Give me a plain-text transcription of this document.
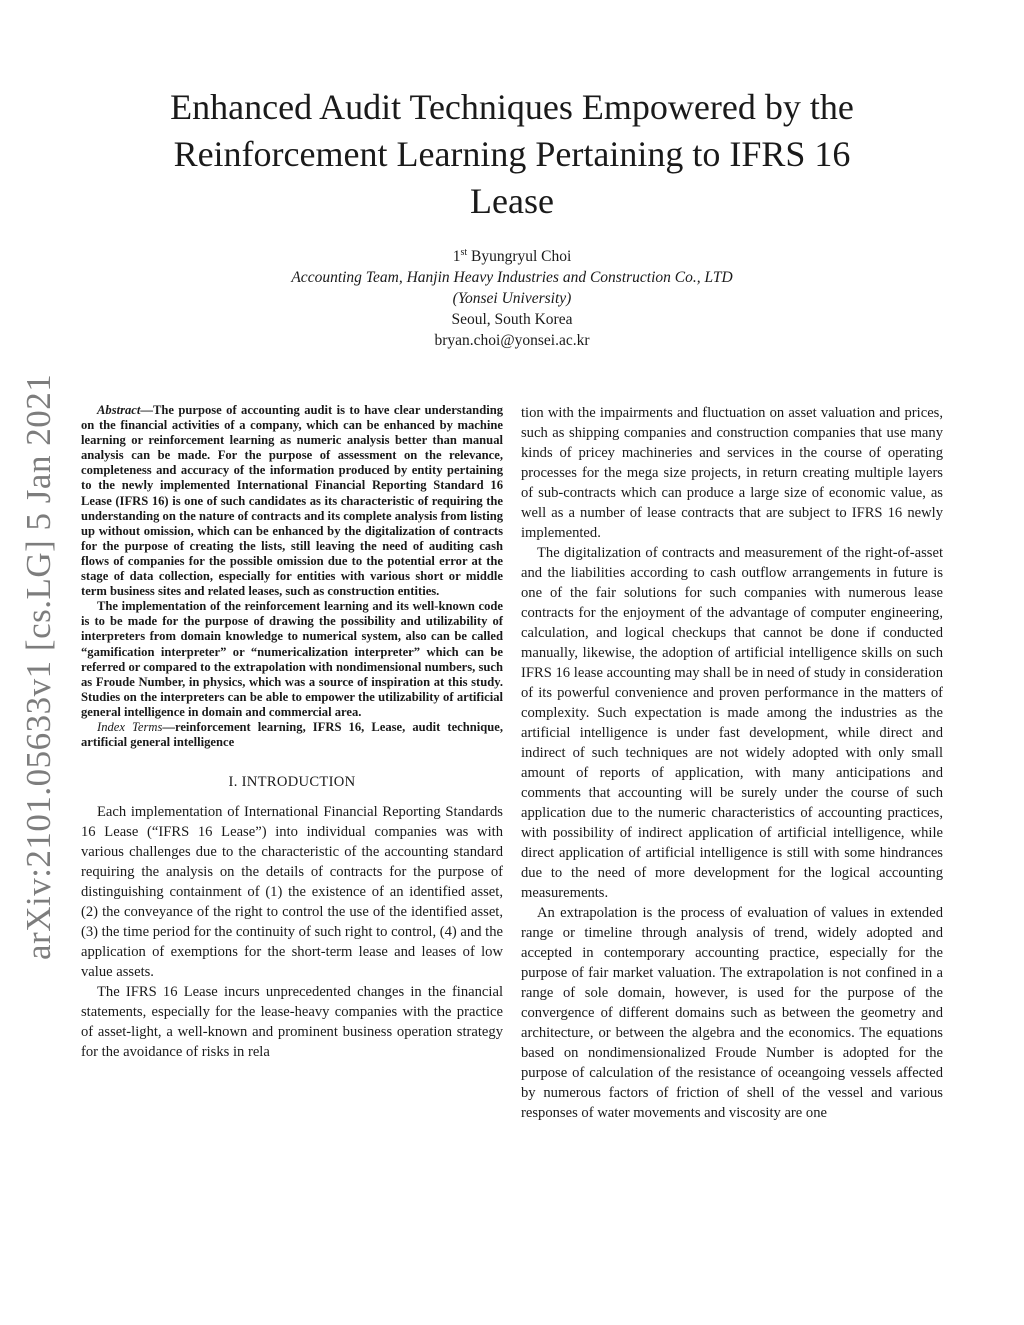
arXiv:2101.05633v1 [cs.LG] 5 Jan 2021
Enhanced Audit Techniques Empowered by the
Reinforcement Learning Pertaining to IFRS 16
Lease
1st Byungryul Choi
Accounting Team, Hanjin Heavy Industries and Construction Co., LTD
(Yonsei University)
Seoul, South Korea
bryan.choi@yonsei.ac.kr

Abstract—The purpose of accounting audit is to have clear understanding on the financial activities of a company, which can be enhanced by machine learning or reinforcement learning as numeric analysis better than manual analysis can be made. For the purpose of assessment on the relevance, completeness and accuracy of the information produced by entity pertaining to the newly implemented International Financial Reporting Standard 16 Lease (IFRS 16) is one of such candidates as its characteristic of requiring the understanding on the nature of contracts and its complete analysis from listing up without omission, which can be enhanced by the digitalization of contracts for the purpose of creating the lists, still leaving the need of auditing cash flows of companies for the possible omission due to the potential error at the stage of data collection, especially for entities with various short or middle term business sites and related leases, such as construction entities.

The implementation of the reinforcement learning and its well-known code is to be made for the purpose of drawing the possibility and utilizability of interpreters from domain knowledge to numerical system, also can be called “gamification interpreter” or “numericalization interpreter” which can be referred or compared to the extrapolation with nondimensional numbers, such as Froude Number, in physics, which was a source of inspiration at this study. Studies on the interpreters can be able to empower the utilizability of artificial general intelligence in domain and commercial area.

Index Terms—reinforcement learning, IFRS 16, Lease, audit technique, artificial general intelligence

I. INTRODUCTION

Each implementation of International Financial Reporting Standards 16 Lease (“IFRS 16 Lease”) into individual companies was with various challenges due to the characteristic of the accounting standard requiring the analysis on the details of contracts for the purpose of distinguishing containment of (1) the existence of an identified asset, (2) the conveyance of the right to control the use of the identified asset, (3) the time period for the continuity of such right to control, (4) and the application of exemptions for the short-term lease and leases of low value assets.

The IFRS 16 Lease incurs unprecedented changes in the financial statements, especially for the lease-heavy companies with the practice of asset-light, a well-known and prominent business operation strategy for the avoidance of risks in rela

tion with the impairments and fluctuation on asset valuation and prices, such as shipping companies and construction companies that use many kinds of pricey machineries and services in the course of operating processes for the mega size projects, in return creating multiple layers of sub-contracts which can produce a large size of economic value, as well as a number of lease contracts that are subject to IFRS 16 newly implemented.

The digitalization of contracts and measurement of the right-of-asset and the liabilities according to cash outflow arrangements in future is one of the fair solutions for such companies with numerous lease contracts for the enjoyment of the advantage of computer engineering, calculation, and logical checkups that cannot be done if conducted manually, likewise, the adoption of artificial intelligence skills on such IFRS 16 lease accounting may shall be in need of study in consideration of its powerful convenience and proven performance in the matters of complexity. Such expectation is made among the industries as the artificial intelligence is under fast development, while direct and indirect of such techniques are not widely adopted with only small amount of reports of application, with many anticipations and comments that accounting will be surely under the course of such application due to the numeric characteristics of accounting practices, with possibility of indirect application of artificial intelligence, while direct application of artificial intelligence is still with some hindrances due to the need of more development for the logical accounting measurements.

An extrapolation is the process of evaluation of values in extended range or timeline through analysis of trend, widely adopted and accepted in contemporary accounting practice, especially for the purpose of fair market valuation. The extrapolation is not confined in a range of sole domain, however, is used for the purpose of the convergence of different domains such as between the geometry and architecture, or between the algebra and the economics. The equations based on nondimensionalized Froude Number is adopted for the purpose of calculation of the resistance of oceangoing vessels affected by numerous factors of friction of shell of the vessel and various responses of water movements and viscosity are one
